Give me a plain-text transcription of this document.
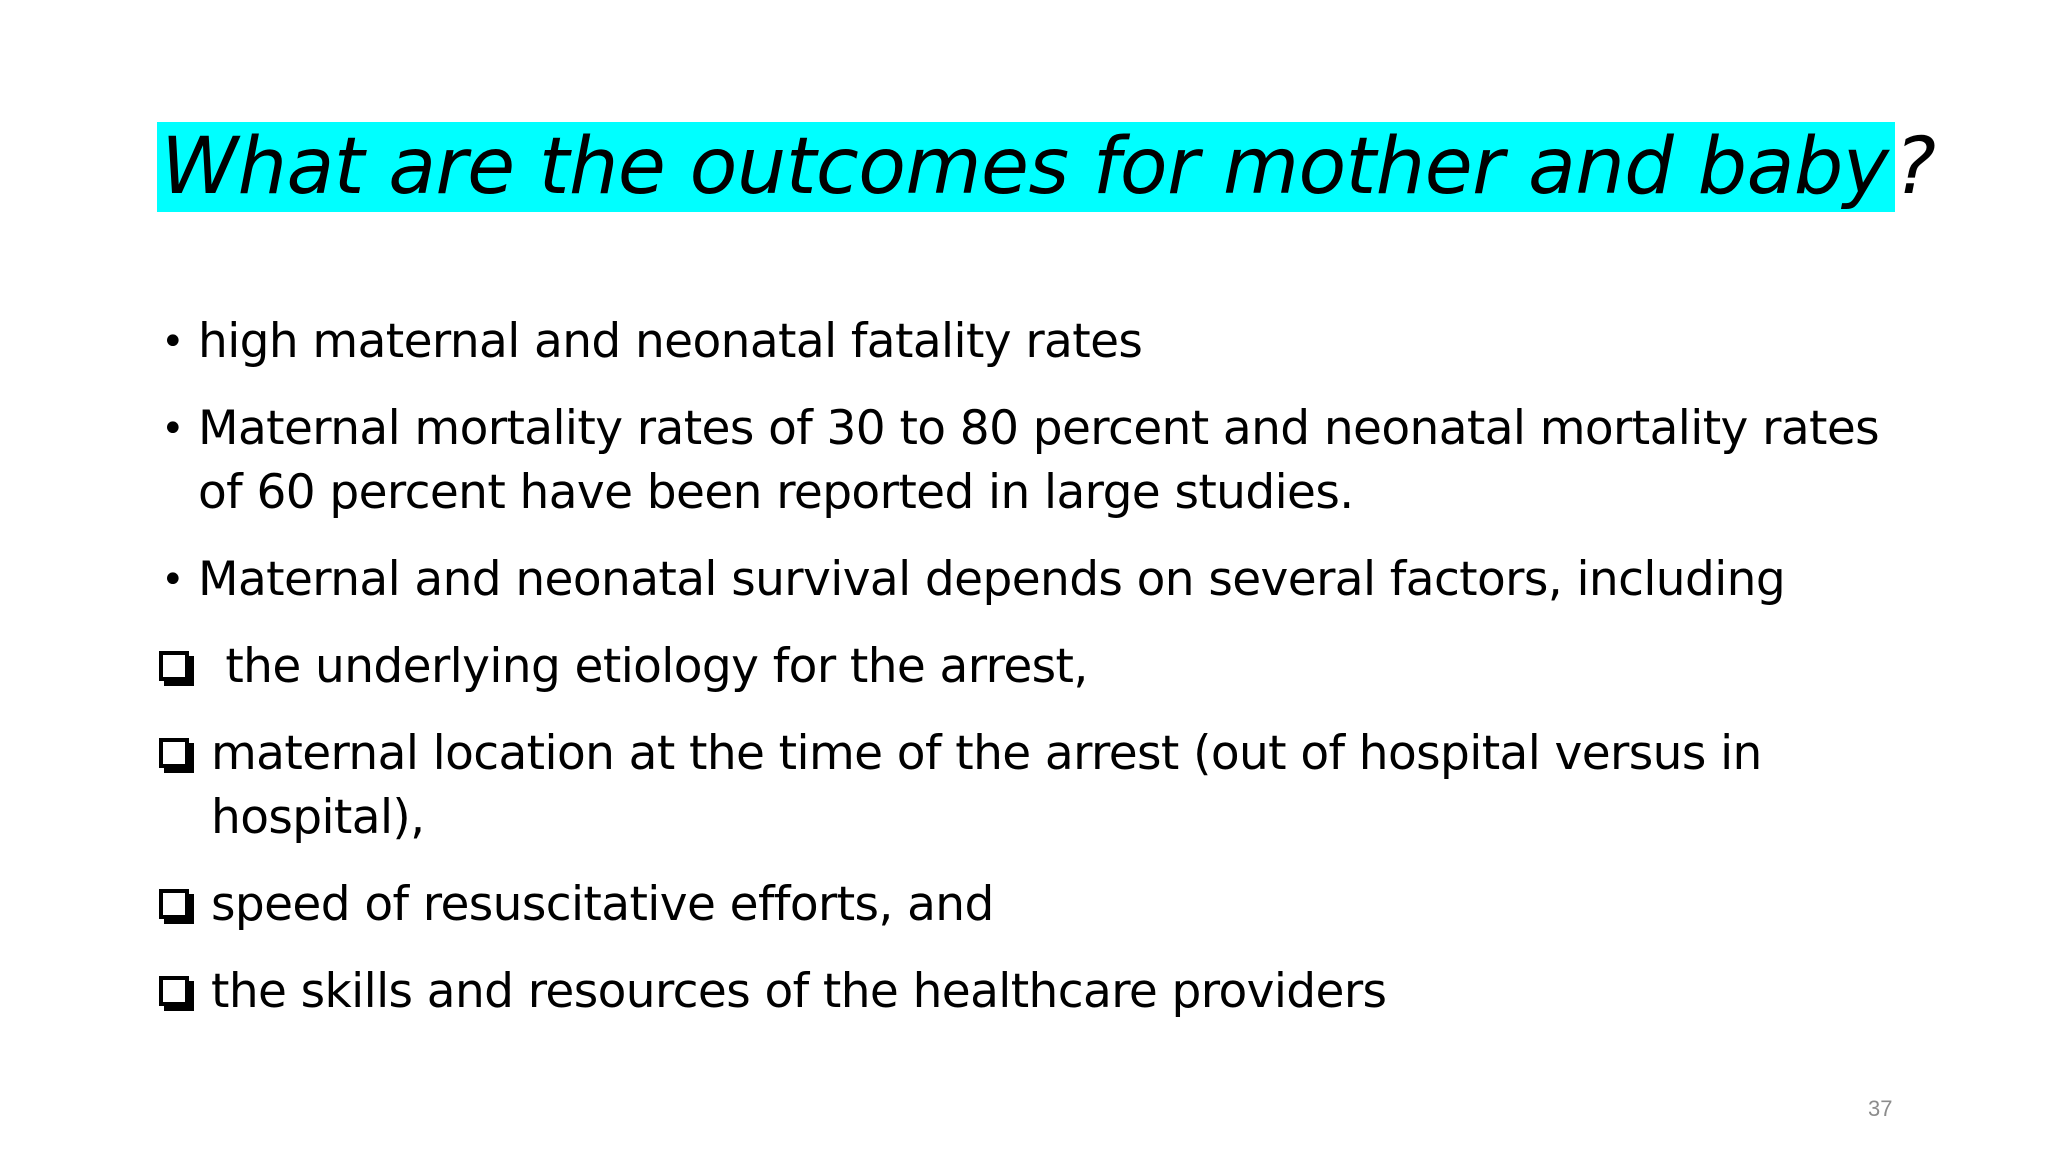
What are the outcomes for mother and baby?
• high maternal and neonatal fatality rates
• Maternal mortality rates of 30 to 80 percent and neonatal mortality rates of 60 percent have been reported in large studies.
• Maternal and neonatal survival depends on several factors, including
the underlying etiology for the arrest,
maternal location at the time of the arrest (out of hospital versus in hospital),
speed of resuscitative efforts, and
the skills and resources of the healthcare providers
37
